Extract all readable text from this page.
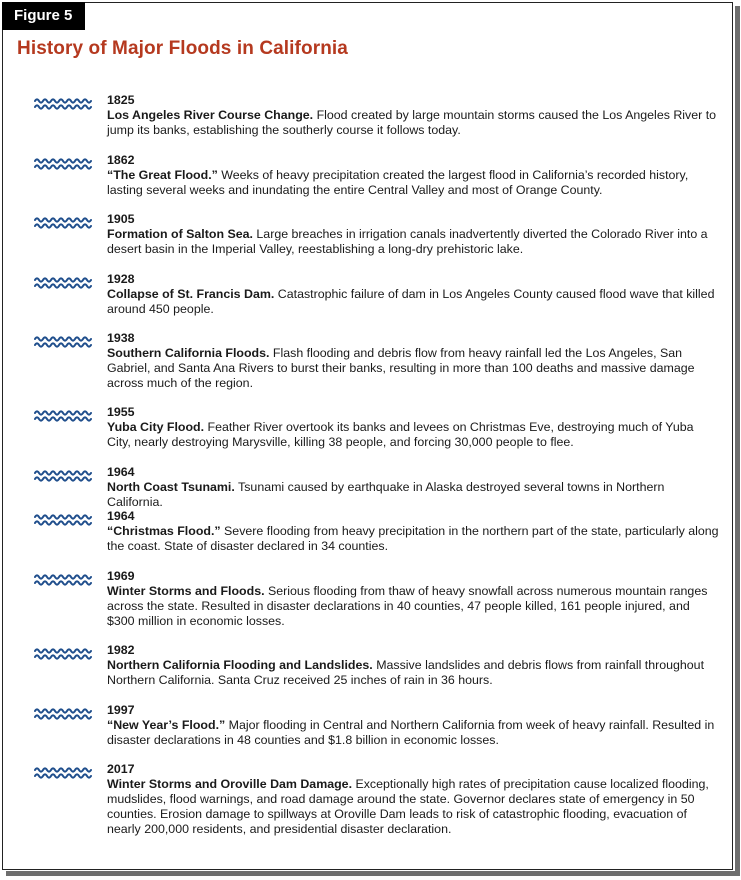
Figure 5
History of Major Floods in California
1825
Los Angeles River Course Change. Flood created by large mountain storms caused the Los Angeles River to jump its banks, establishing the southerly course it follows today.
1862
“The Great Flood.” Weeks of heavy precipitation created the largest flood in California’s recorded history, lasting several weeks and inundating the entire Central Valley and most of Orange County.
1905
Formation of Salton Sea. Large breaches in irrigation canals inadvertently diverted the Colorado River into a desert basin in the Imperial Valley, reestablishing a long-dry prehistoric lake.
1928
Collapse of St. Francis Dam. Catastrophic failure of dam in Los Angeles County caused flood wave that killed around 450 people.
1938
Southern California Floods. Flash flooding and debris flow from heavy rainfall led the Los Angeles, San Gabriel, and Santa Ana Rivers to burst their banks, resulting in more than 100 deaths and massive damage across much of the region.
1955
Yuba City Flood. Feather River overtook its banks and levees on Christmas Eve, destroying much of Yuba City, nearly destroying Marysville, killing 38 people, and forcing 30,000 people to flee.
1964
North Coast Tsunami. Tsunami caused by earthquake in Alaska destroyed several towns in Northern California.
1964
“Christmas Flood.” Severe flooding from heavy precipitation in the northern part of the state, particularly along the coast. State of disaster declared in 34 counties.
1969
Winter Storms and Floods. Serious flooding from thaw of heavy snowfall across numerous mountain ranges across the state. Resulted in disaster declarations in 40 counties, 47 people killed, 161 people injured, and $300 million in economic losses.
1982
Northern California Flooding and Landslides. Massive landslides and debris flows from rainfall throughout Northern California. Santa Cruz received 25 inches of rain in 36 hours.
1997
“New Year’s Flood.” Major flooding in Central and Northern California from week of heavy rainfall. Resulted in disaster declarations in 48 counties and $1.8 billion in economic losses.
2017
Winter Storms and Oroville Dam Damage. Exceptionally high rates of precipitation cause localized flooding, mudslides, flood warnings, and road damage around the state. Governor declares state of emergency in 50 counties. Erosion damage to spillways at Oroville Dam leads to risk of catastrophic flooding, evacuation of nearly 200,000 residents, and presidential disaster declaration.
